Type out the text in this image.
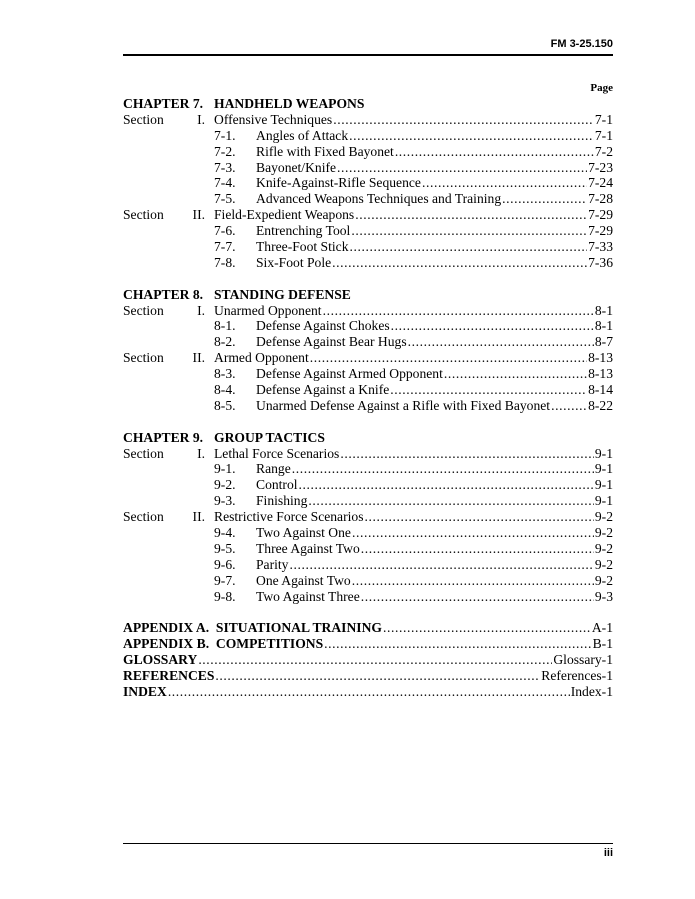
FM 3-25.150
Page
CHAPTER 7. HANDHELD WEAPONS
Section	I. Offensive Techniques .....	7-1
7-1.	Angles of Attack .....	7-1
7-2.	Rifle with Fixed Bayonet .....	7-2
7-3.	Bayonet/Knife .....	7-23
7-4.	Knife-Against-Rifle Sequence .....	7-24
7-5.	Advanced Weapons Techniques and Training .....	7-28
Section	II. Field-Expedient Weapons .....	7-29
7-6.	Entrenching Tool .....	7-29
7-7.	Three-Foot Stick .....	7-33
7-8.	Six-Foot Pole .....	7-36
CHAPTER 8. STANDING DEFENSE
Section	I. Unarmed Opponent .....	8-1
8-1.	Defense Against Chokes .....	8-1
8-2.	Defense Against Bear Hugs .....	8-7
Section	II. Armed Opponent .....	8-13
8-3.	Defense Against Armed Opponent .....	8-13
8-4.	Defense Against a Knife .....	8-14
8-5.	Unarmed Defense Against a Rifle with Fixed Bayonet .....	8-22
CHAPTER 9. GROUP TACTICS
Section	I. Lethal Force Scenarios .....	9-1
9-1.	Range .....	9-1
9-2.	Control .....	9-1
9-3.	Finishing .....	9-1
Section	II. Restrictive Force Scenarios .....	9-2
9-4.	Two Against One .....	9-2
9-5.	Three Against Two .....	9-2
9-6.	Parity .....	9-2
9-7.	One Against Two .....	9-2
9-8.	Two Against Three .....	9-3
APPENDIX A.  SITUATIONAL TRAINING .....	A-1
APPENDIX B.  COMPETITIONS .....	B-1
GLOSSARY .....	Glossary-1
REFERENCES .....	References-1
INDEX .....	Index-1
iii
